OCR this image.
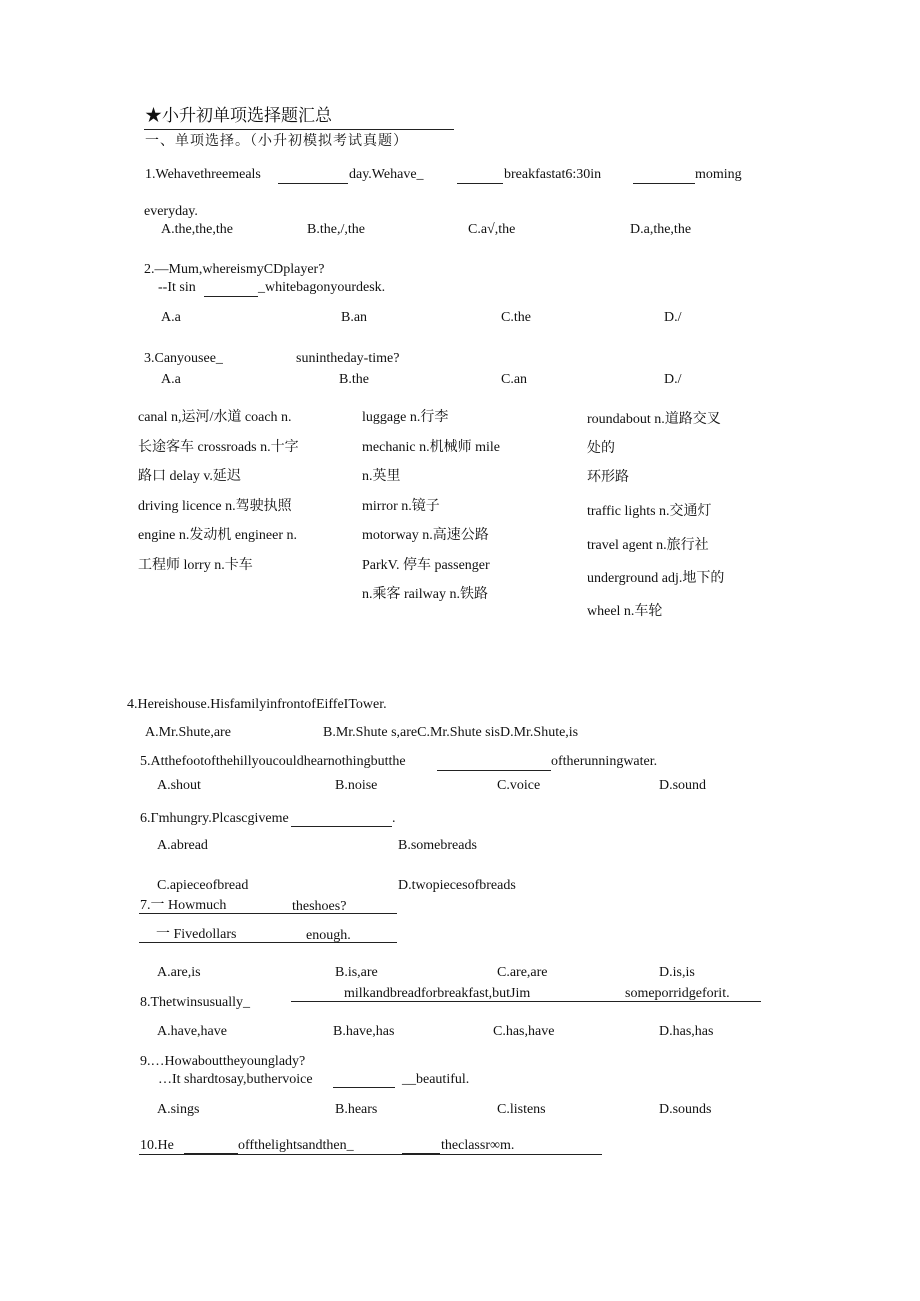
★小升初单项选择题汇总
一、单项选择。（小升初模拟考试真题）
1.Wehavethreemeals	day.Wehave_	breakfastat6:30in	moming
everyday.
A.the,the,the	B.the,/,the	C.a√,the	D.a,the,the
2.—Mum,whereismyCDplayer?
--It sin	_whitebagonyourdesk.
A.a	B.an	C.the	D./
3.Canyousee_	sunintheday-time?
A.a	B.the	C.an	D./
canal n,运河/水道 coach n.
长途客车 crossroads n.十字
路口 delay v.延迟
driving licence n.驾驶执照
engine n.发动机 engineer n.
工程师 lorry n.卡车
luggage n.行李
mechanic n.机械师 mile
n.英里
mirror n.镜子
motorway n.高速公路
ParkV. 停车 passenger
n.乘客 railway n.铁路
roundabout n.道路交叉
处的
环形路
traffic lights n.交通灯
travel agent n.旅行社
underground adj.地下的
wheel n.车轮
4.Hereishouse.HisfamilyinfrontofEiffeITower.
A.Mr.Shute,are	B.Mr.Shute s,areC.Mr.Shute sisD.Mr.Shute,is
5.Atthefootofthehillyoucouldhearnothingbutthe	oftherunningwater.
A.shout	B.noise	C.voice	D.sound
6.Γmhungry.Plcascgiveme	.
A.abread	B.somebreads
C.apieceofbread	D.twopiecesofbreads
7.一 Howmuch	theshoes?
一 Fivedollars	enough.
A.are,is	B.is,are	C.are,are	D.is,is
8.Thetwinsusually_
milkandbreadforbreakfast,butJim	someporridgeforit.
A.have,have	B.have,has	C.has,have	D.has,has
9.…Howabouttheyounglady?
…It shardtosay,buthervoice	__beautiful.
A.sings	B.hears	C.listens	D.sounds
10.He	offthelightsandthen_	theclassr∞m.
